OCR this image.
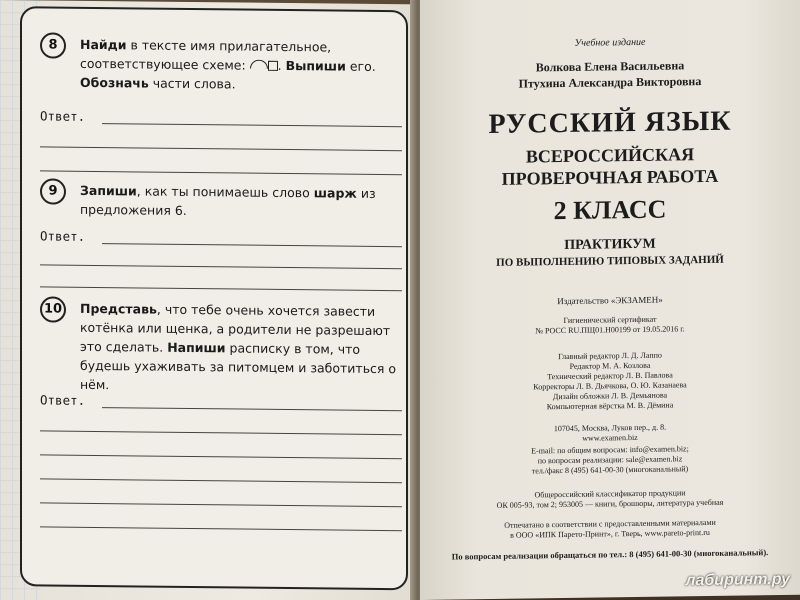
8	Найди в тексте имя прилагательное, соответствующее схеме: . Выпиши его. Обозначь части слова.
Ответ.
9	Запиши, как ты понимаешь слово шарж из предложения 6.
Ответ.
10	Представь, что тебе очень хочется завести котёнка или щенка, а родители не разрешают это сделать. Напиши расписку в том, что будешь ухаживать за питомцем и заботиться о нём.
Ответ.
Учебное издание
Волкова Елена Васильевна
Птухина Александра Викторовна
РУССКИЙ ЯЗЫК
ВСЕРОССИЙСКАЯ
ПРОВЕРОЧНАЯ РАБОТА
2 КЛАСС
ПРАКТИКУМ
ПО ВЫПОЛНЕНИЮ ТИПОВЫХ ЗАДАНИЙ
Издательство «ЭКЗАМЕН»
Гигиенический сертификат
№ РОСС RU.ПЩ01.Н00199 от 19.05.2016 г.
Главный редактор Л. Д. Лаппо
Редактор М. А. Козлова
Технический редактор Л. В. Павлова
Корректоры Л. В. Дьячкова, О. Ю. Казанаева
Дизайн обложки Л. В. Демьянова
Компьютерная вёрстка М. В. Дёмина
107045, Москва, Луков пер., д. 8.
www.examen.biz
E-mail: по общим вопросам: info@examen.biz;
по вопросам реализации: sale@examen.biz
тел./факс 8 (495) 641-00-30 (многоканальный)
Общероссийский классификатор продукции
ОК 005-93, том 2; 953005 — книги, брошюры, литература учебная
Отпечатано в соответствии с предоставленными материалами
в ООО «ИПК Парето-Принт», г. Тверь, www.pareto-print.ru
По вопросам реализации обращаться по тел.: 8 (495) 641-00-30 (многоканальный).
лабиринт.ру
